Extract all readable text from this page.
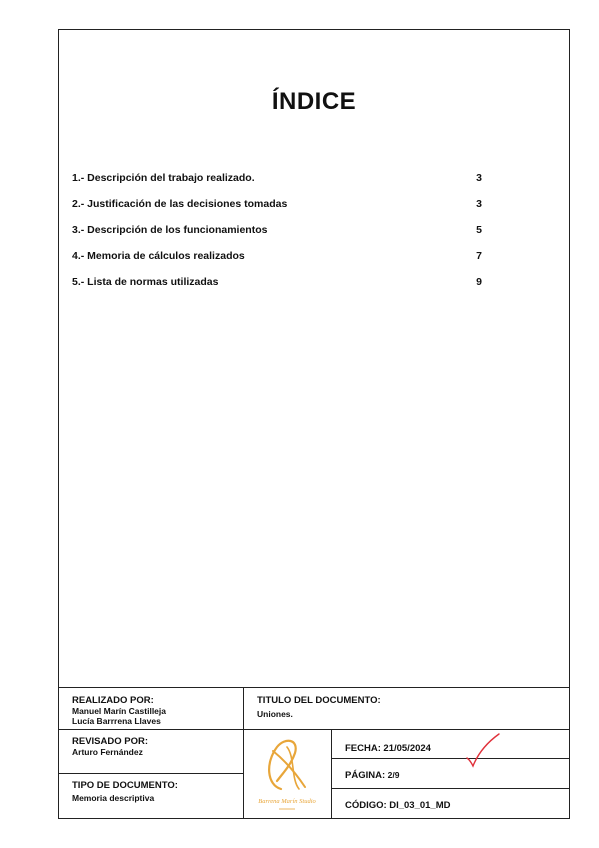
ÍNDICE
1.- Descripción del trabajo realizado.	3
2.- Justificación de las decisiones tomadas	3
3.- Descripción de los funcionamientos	5
4.- Memoria de cálculos realizados	7
5.- Lista de normas utilizadas	9
REALIZADO POR:
Manuel Marín Castilleja
Lucía Barrrena Llaves
TITULO DEL DOCUMENTO:
Uniones.
REVISADO POR:
Arturo Fernández
TIPO DE DOCUMENTO:
Memoria descriptiva	Barrena Marín Studio
FECHA: 21/05/2024
PÁGINA: 2/9
CÓDIGO: DI_03_01_MD
